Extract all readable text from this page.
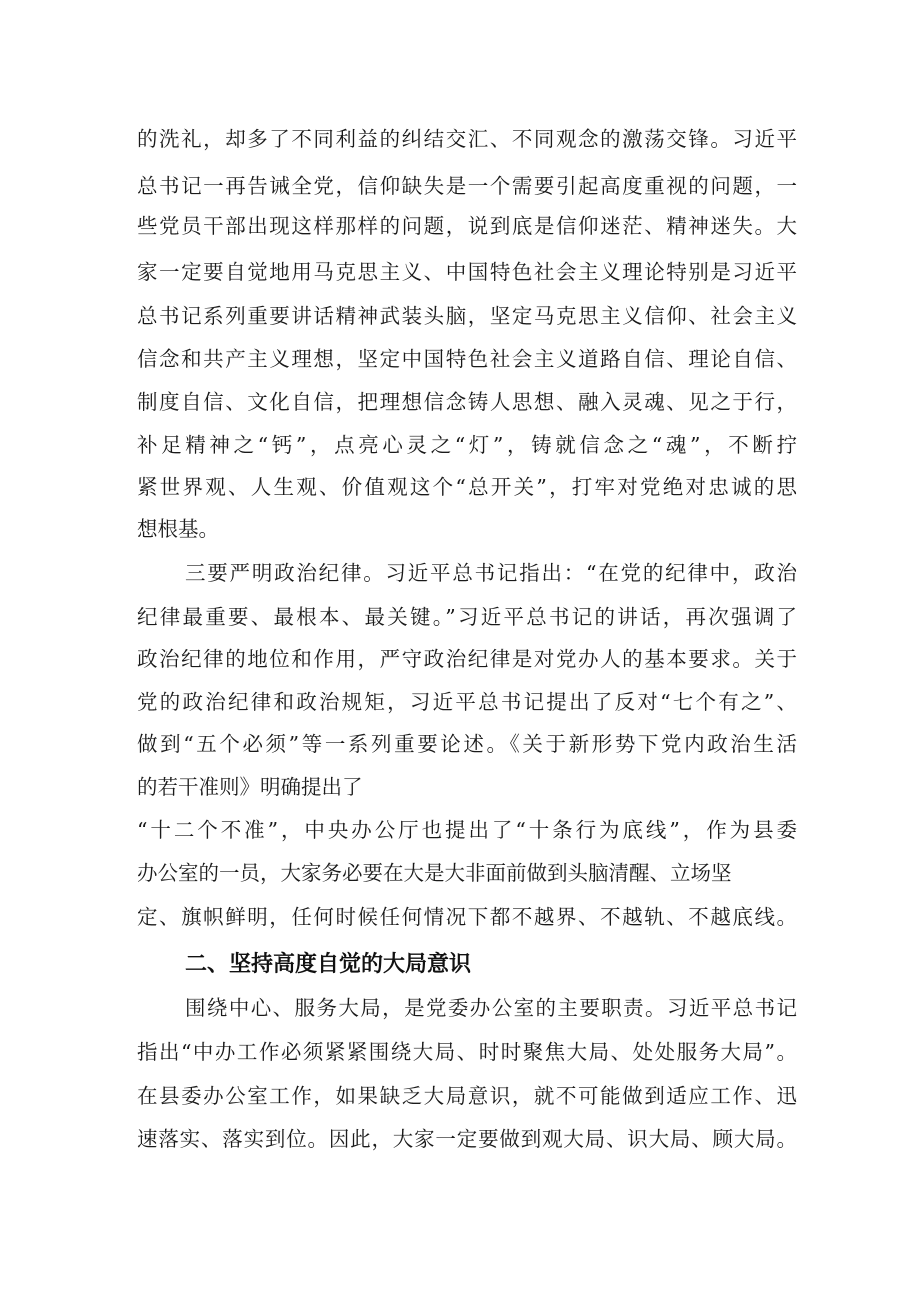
的洗礼，却多了不同利益的纠结交汇、不同观念的激荡交锋。习近平
总书记一再告诫全党，信仰缺失是一个需要引起高度重视的问题，一
些党员干部出现这样那样的问题，说到底是信仰迷茫、精神迷失。大
家一定要自觉地用马克思主义、中国特色社会主义理论特别是习近平
总书记系列重要讲话精神武装头脑，坚定马克思主义信仰、社会主义
信念和共产主义理想，坚定中国特色社会主义道路自信、理论自信、
制度自信、文化自信，把理想信念铸人思想、融入灵魂、见之于行，
补足精神之“钙”，点亮心灵之“灯”，铸就信念之“魂”，不断拧
紧世界观、人生观、价值观这个“总开关”，打牢对党绝对忠诚的思
想根基。
三要严明政治纪律。习近平总书记指出：“在党的纪律中，政治
纪律最重要、最根本、最关键。”习近平总书记的讲话，再次强调了
政治纪律的地位和作用，严守政治纪律是对党办人的基本要求。关于
党的政治纪律和政治规矩，习近平总书记提出了反对“七个有之”、
做到“五个必须”等一系列重要论述。《关于新形势下党内政治生活
的若干准则》明确提出了
“十二个不准”，中央办公厅也提出了“十条行为底线”，作为县委
办公室的一员，大家务必要在大是大非面前做到头脑清醒、立场坚
定、旗帜鲜明，任何时候任何情况下都不越界、不越轨、不越底线。
二、坚持高度自觉的大局意识
围绕中心、服务大局，是党委办公室的主要职责。习近平总书记
指出“中办工作必须紧紧围绕大局、时时聚焦大局、处处服务大局”。
在县委办公室工作，如果缺乏大局意识，就不可能做到适应工作、迅
速落实、落实到位。因此，大家一定要做到观大局、识大局、顾大局。
